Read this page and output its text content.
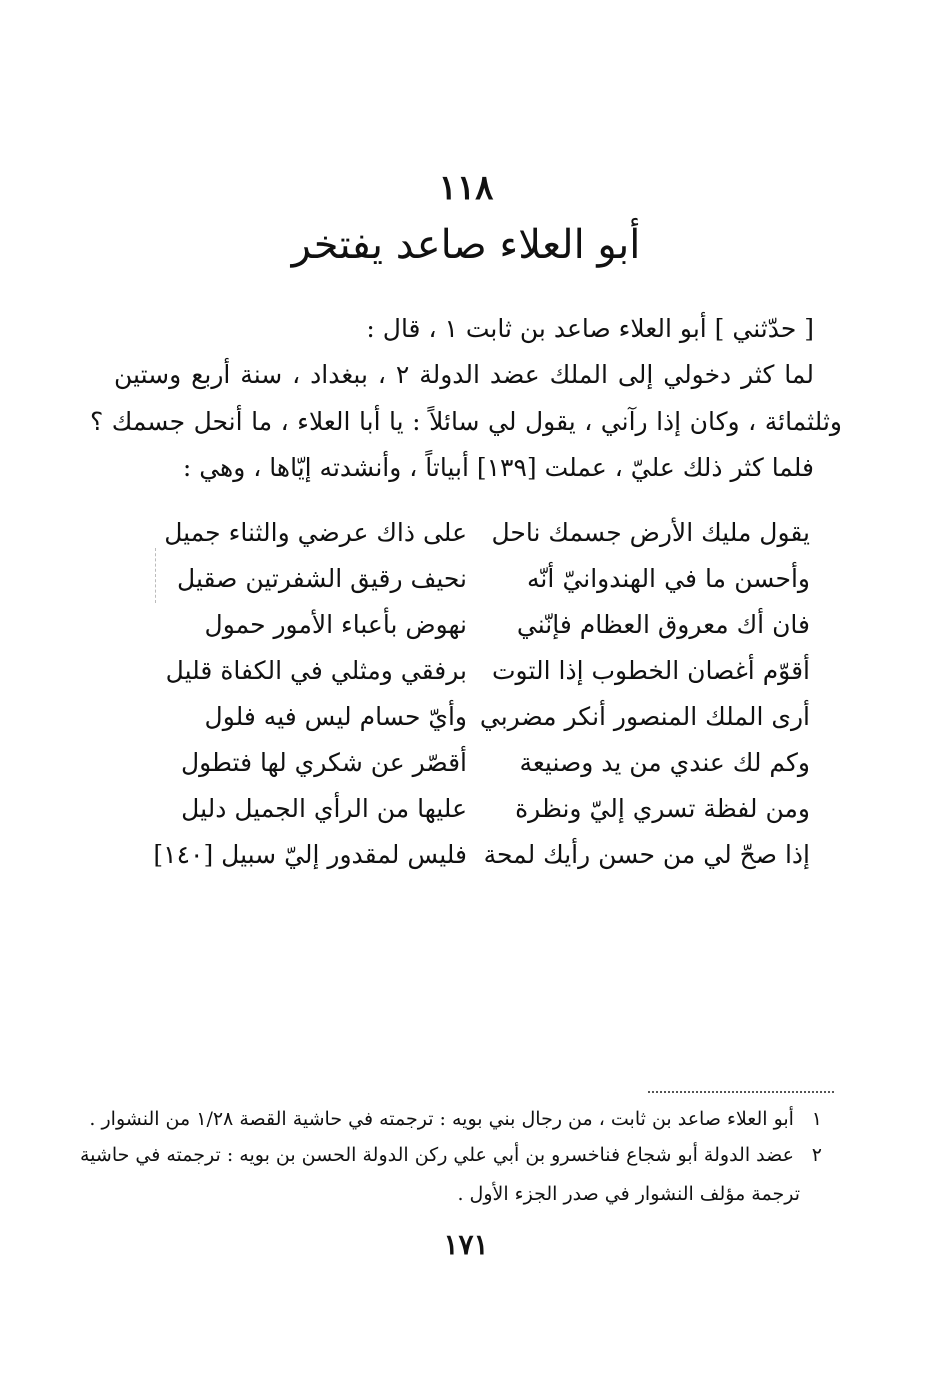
١١٨
أبو العلاء صاعد يفتخر
[ حدّثني ] أبو العلاء صاعد بن ثابت ١ ، قال :
لما كثر دخولي إلى الملك عضد الدولة ٢ ، ببغداد ، سنة أربع وستين
وثلثمائة ، وكان إذا رآني ، يقول لي سائلاً : يا أبا العلاء ، ما أنحل جسمك ؟
فلما كثر ذلك عليّ ، عملت [١٣٩] أبياتاً ، وأنشدته إيّاها ، وهي :
يقول مليك الأرض جسمك ناحل
على ذاك عرضي والثناء جميل
وأحسن ما في الهندوانيّ أنّه
نحيف رقيق الشفرتين صقيل
فان أك معروق العظام فإنّني
نهوض بأعباء الأمور حمول
أقوّم أغصان الخطوب إذا التوت
برفقي ومثلي في الكفاة قليل
أرى الملك المنصور أنكر مضربي
وأيّ حسام ليس فيه فلول
وكم لك عندي من يد وصنيعة
أقصّر عن شكري لها فتطول
ومن لفظة تسري إليّ ونظرة
عليها من الرأي الجميل دليل
إذا صحّ لي من حسن رأيك لمحة
فليس لمقدور إليّ سبيل [١٤٠]
١ أبو العلاء صاعد بن ثابت ، من رجال بني بويه : ترجمته في حاشية القصة ١/٢٨ من النشوار .
٢ عضد الدولة أبو شجاع فناخسرو بن أبي علي ركن الدولة الحسن بن بويه : ترجمته في حاشية
ترجمة مؤلف النشوار في صدر الجزء الأول .
١٧١
